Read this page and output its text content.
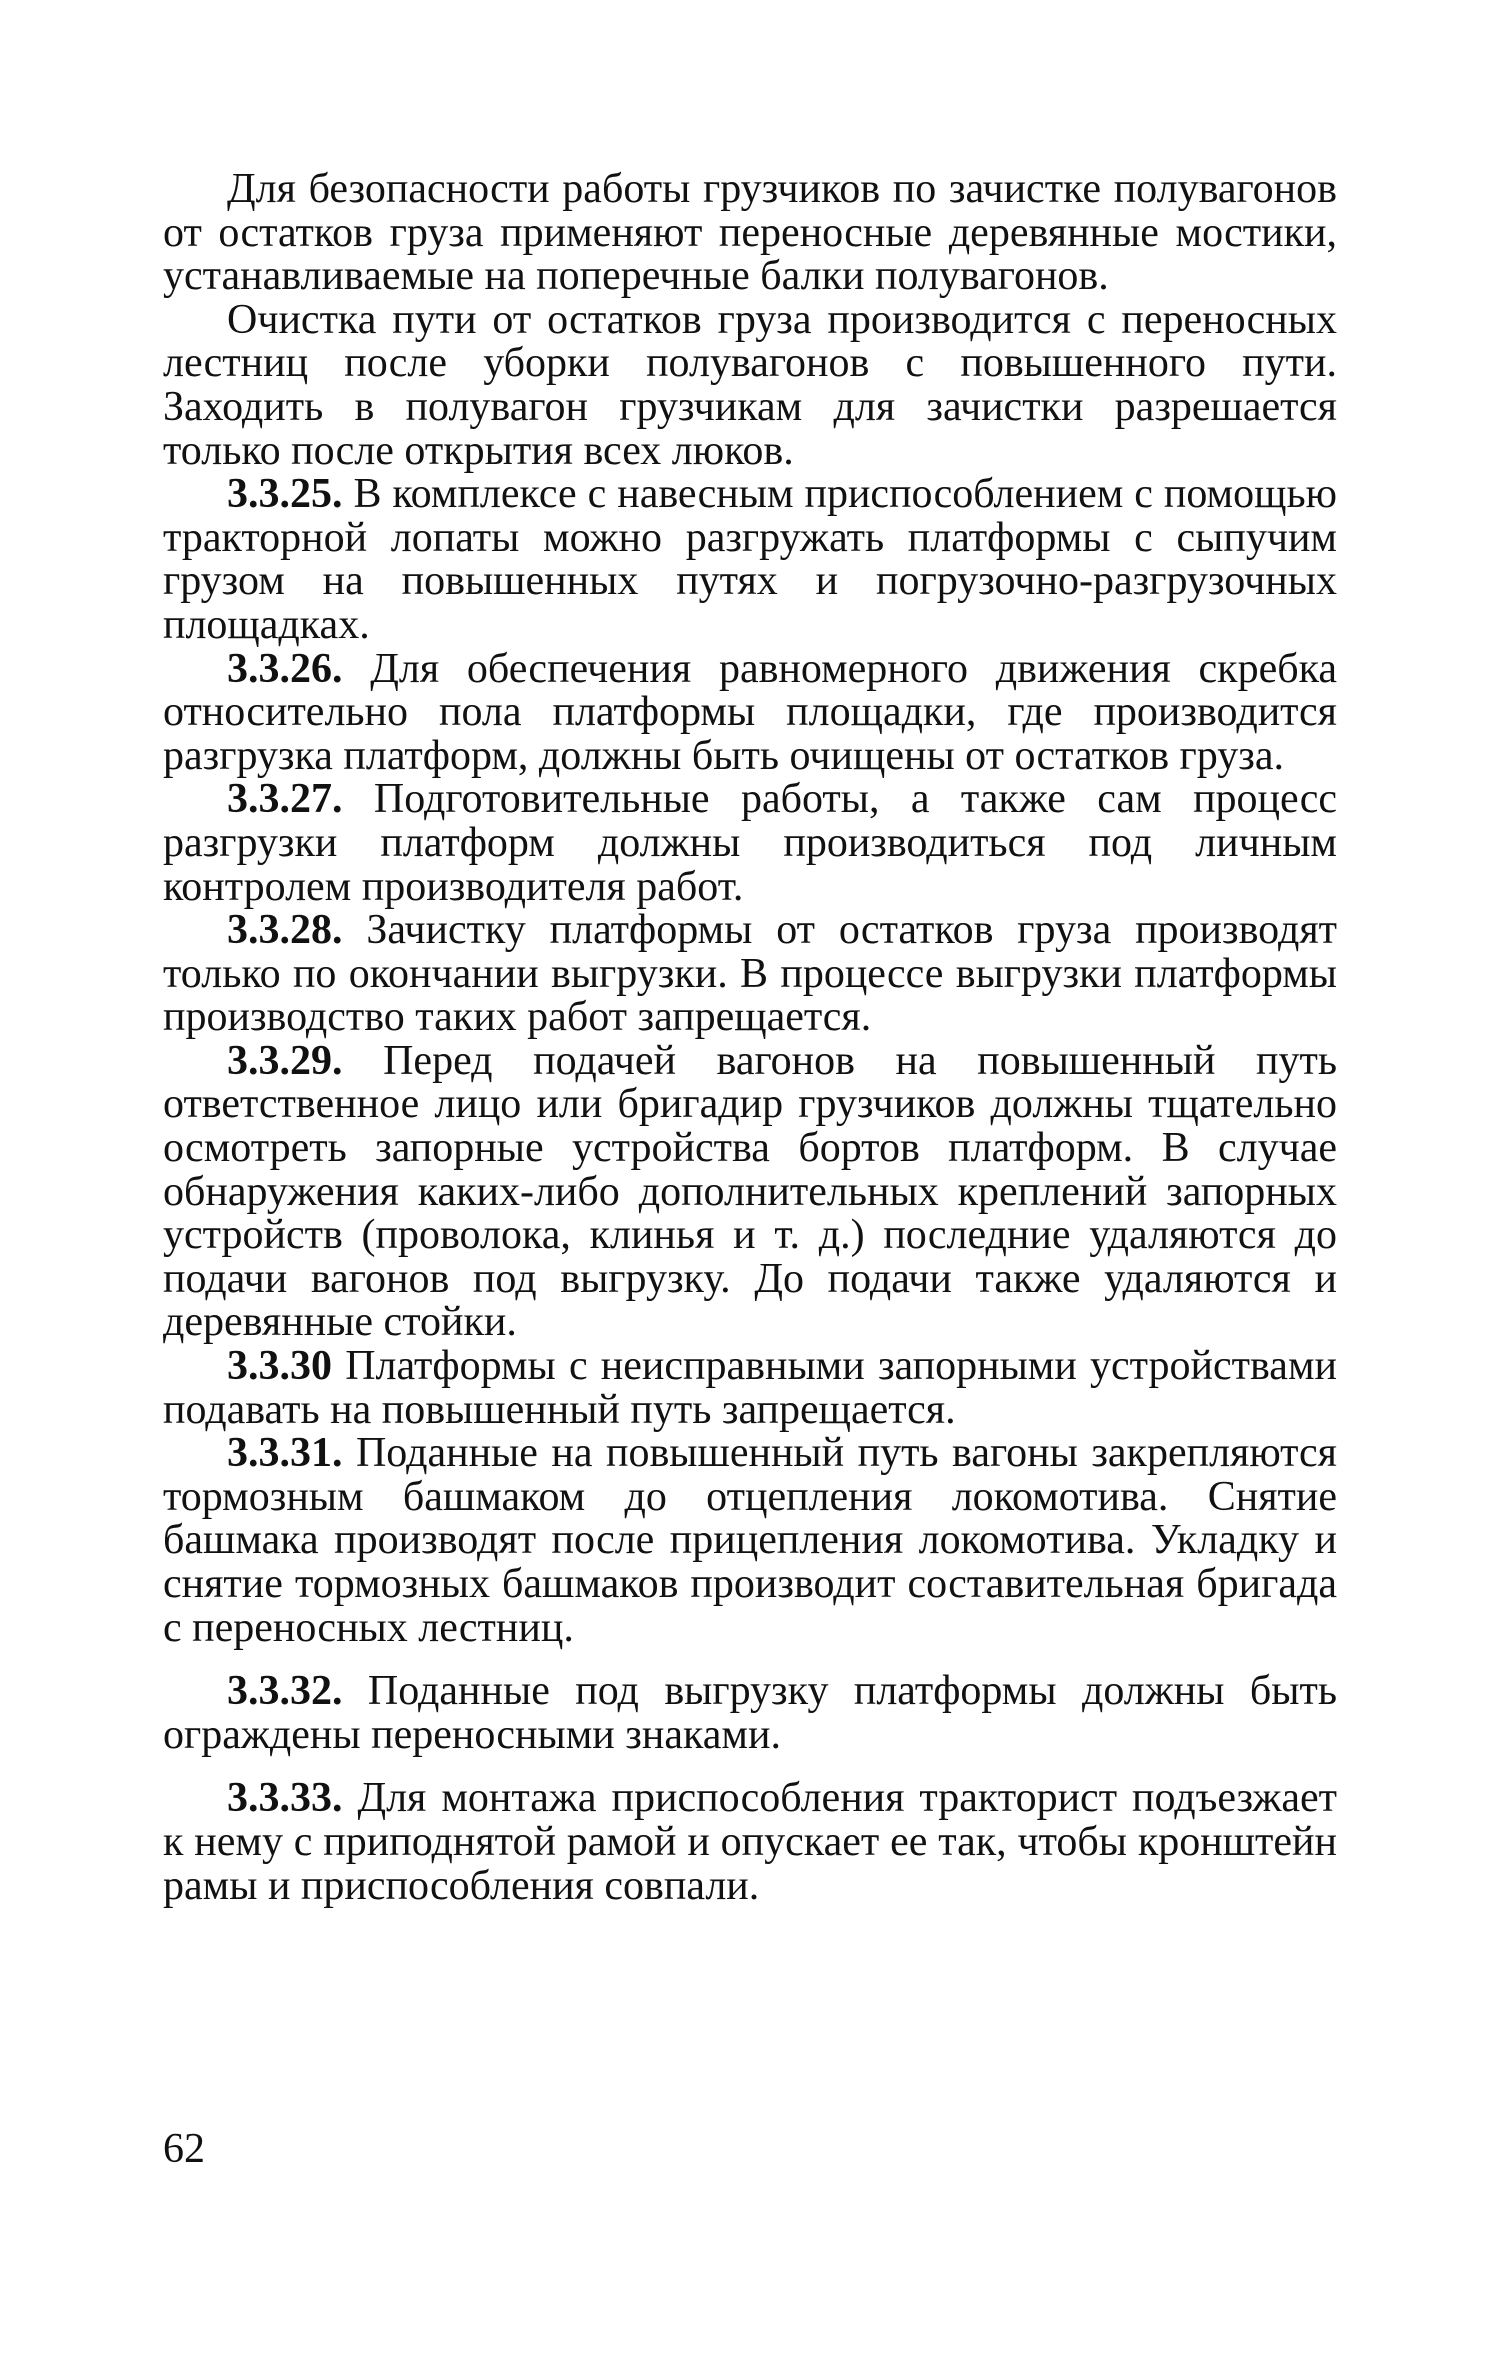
Для безопасности работы грузчиков по зачистке полувагонов от остатков груза применяют переносные деревянные мостики, устанавливаемые на поперечные балки полувагонов.

Очистка пути от остатков груза производится с переносных лестниц после уборки полувагонов с повышенного пути. Заходить в полувагон грузчикам для зачистки разрешается только после открытия всех люков.

3.3.25. В комплексе с навесным приспособлением с помощью тракторной лопаты можно разгружать платформы с сыпучим грузом на повышенных путях и погрузочно-разгрузочных площадках.

3.3.26. Для обеспечения равномерного движения скребка относительно пола платформы площадки, где производится разгрузка платформ, должны быть очищены от остатков груза.

3.3.27. Подготовительные работы, а также сам процесс разгрузки платформ должны производиться под личным контролем производителя работ.

3.3.28. Зачистку платформы от остатков груза производят только по окончании выгрузки. В процессе выгрузки платформы производство таких работ запрещается.

3.3.29. Перед подачей вагонов на повышенный путь ответственное лицо или бригадир грузчиков должны тщательно осмотреть запорные устройства бортов платформ. В случае обнаружения каких-либо дополнительных креплений запорных устройств (проволока, клинья и т. д.) последние удаляются до подачи вагонов под выгрузку. До подачи также удаляются и деревянные стойки.

3.3.30 Платформы с неисправными запорными устройствами подавать на повышенный путь запрещается.

3.3.31. Поданные на повышенный путь вагоны закрепляются тормозным башмаком до отцепления локомотива. Снятие башмака производят после прицепления локомотива. Укладку и снятие тормозных башмаков производит составительная бригада с переносных лестниц.

3.3.32. Поданные под выгрузку платформы должны быть ограждены переносными знаками.

3.3.33. Для монтажа приспособления тракторист подъезжает к нему с приподнятой рамой и опускает ее так, чтобы кронштейн рамы и приспособления совпали.

62
